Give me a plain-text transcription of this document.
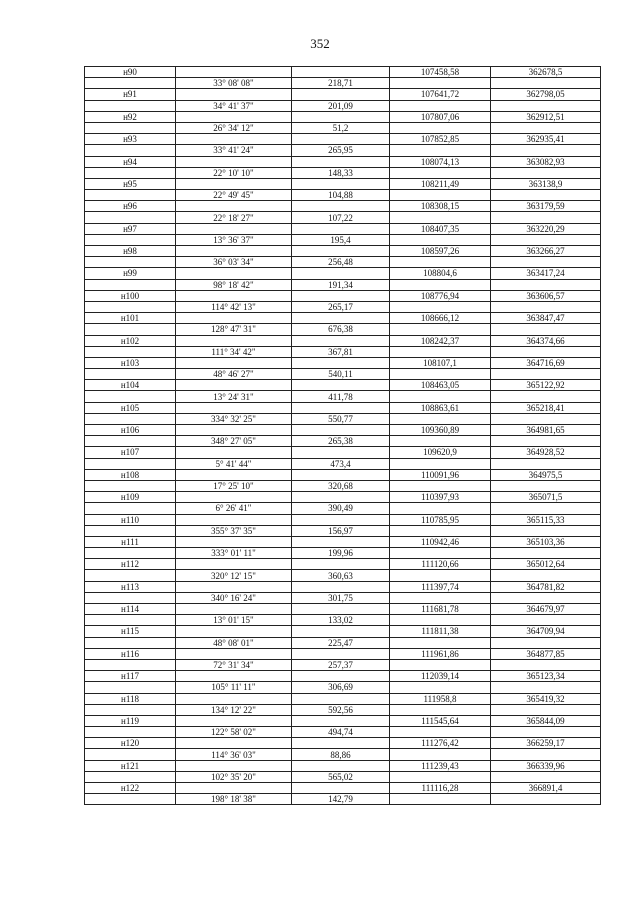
352
н90			107458,58	362678,5
	33° 08' 08"	218,71		
н91			107641,72	362798,05
	34° 41' 37"	201,09		
н92			107807,06	362912,51
	26° 34' 12"	51,2		
н93			107852,85	362935,41
	33° 41' 24"	265,95		
н94			108074,13	363082,93
	22° 10' 10"	148,33		
н95			108211,49	363138,9
	22° 49' 45"	104,88		
н96			108308,15	363179,59
	22° 18' 27"	107,22		
н97			108407,35	363220,29
	13° 36' 37"	195,4		
н98			108597,26	363266,27
	36° 03' 34"	256,48		
н99			108804,6	363417,24
	98° 18' 42"	191,34		
н100			108776,94	363606,57
	114° 42' 13"	265,17		
н101			108666,12	363847,47
	128° 47' 31"	676,38		
н102			108242,37	364374,66
	111° 34' 42"	367,81		
н103			108107,1	364716,69
	48° 46' 27"	540,11		
н104			108463,05	365122,92
	13° 24' 31"	411,78		
н105			108863,61	365218,41
	334° 32' 25"	550,77		
н106			109360,89	364981,65
	348° 27' 05"	265,38		
н107			109620,9	364928,52
	5° 41' 44"	473,4		
н108			110091,96	364975,5
	17° 25' 10"	320,68		
н109			110397,93	365071,5
	6° 26' 41"	390,49		
н110			110785,95	365115,33
	355° 37' 35"	156,97		
н111			110942,46	365103,36
	333° 01' 11"	199,96		
н112			111120,66	365012,64
	320° 12' 15"	360,63		
н113			111397,74	364781,82
	340° 16' 24"	301,75		
н114			111681,78	364679,97
	13° 01' 15"	133,02		
н115			111811,38	364709,94
	48° 08' 01"	225,47		
н116			111961,86	364877,85
	72° 31' 34"	257,37		
н117			112039,14	365123,34
	105° 11' 11"	306,69		
н118			111958,8	365419,32
	134° 12' 22"	592,56		
н119			111545,64	365844,09
	122° 58' 02"	494,74		
н120			111276,42	366259,17
	114° 36' 03"	88,86		
н121			111239,43	366339,96
	102° 35' 20"	565,02		
н122			111116,28	366891,4
	198° 18' 38"	142,79		
